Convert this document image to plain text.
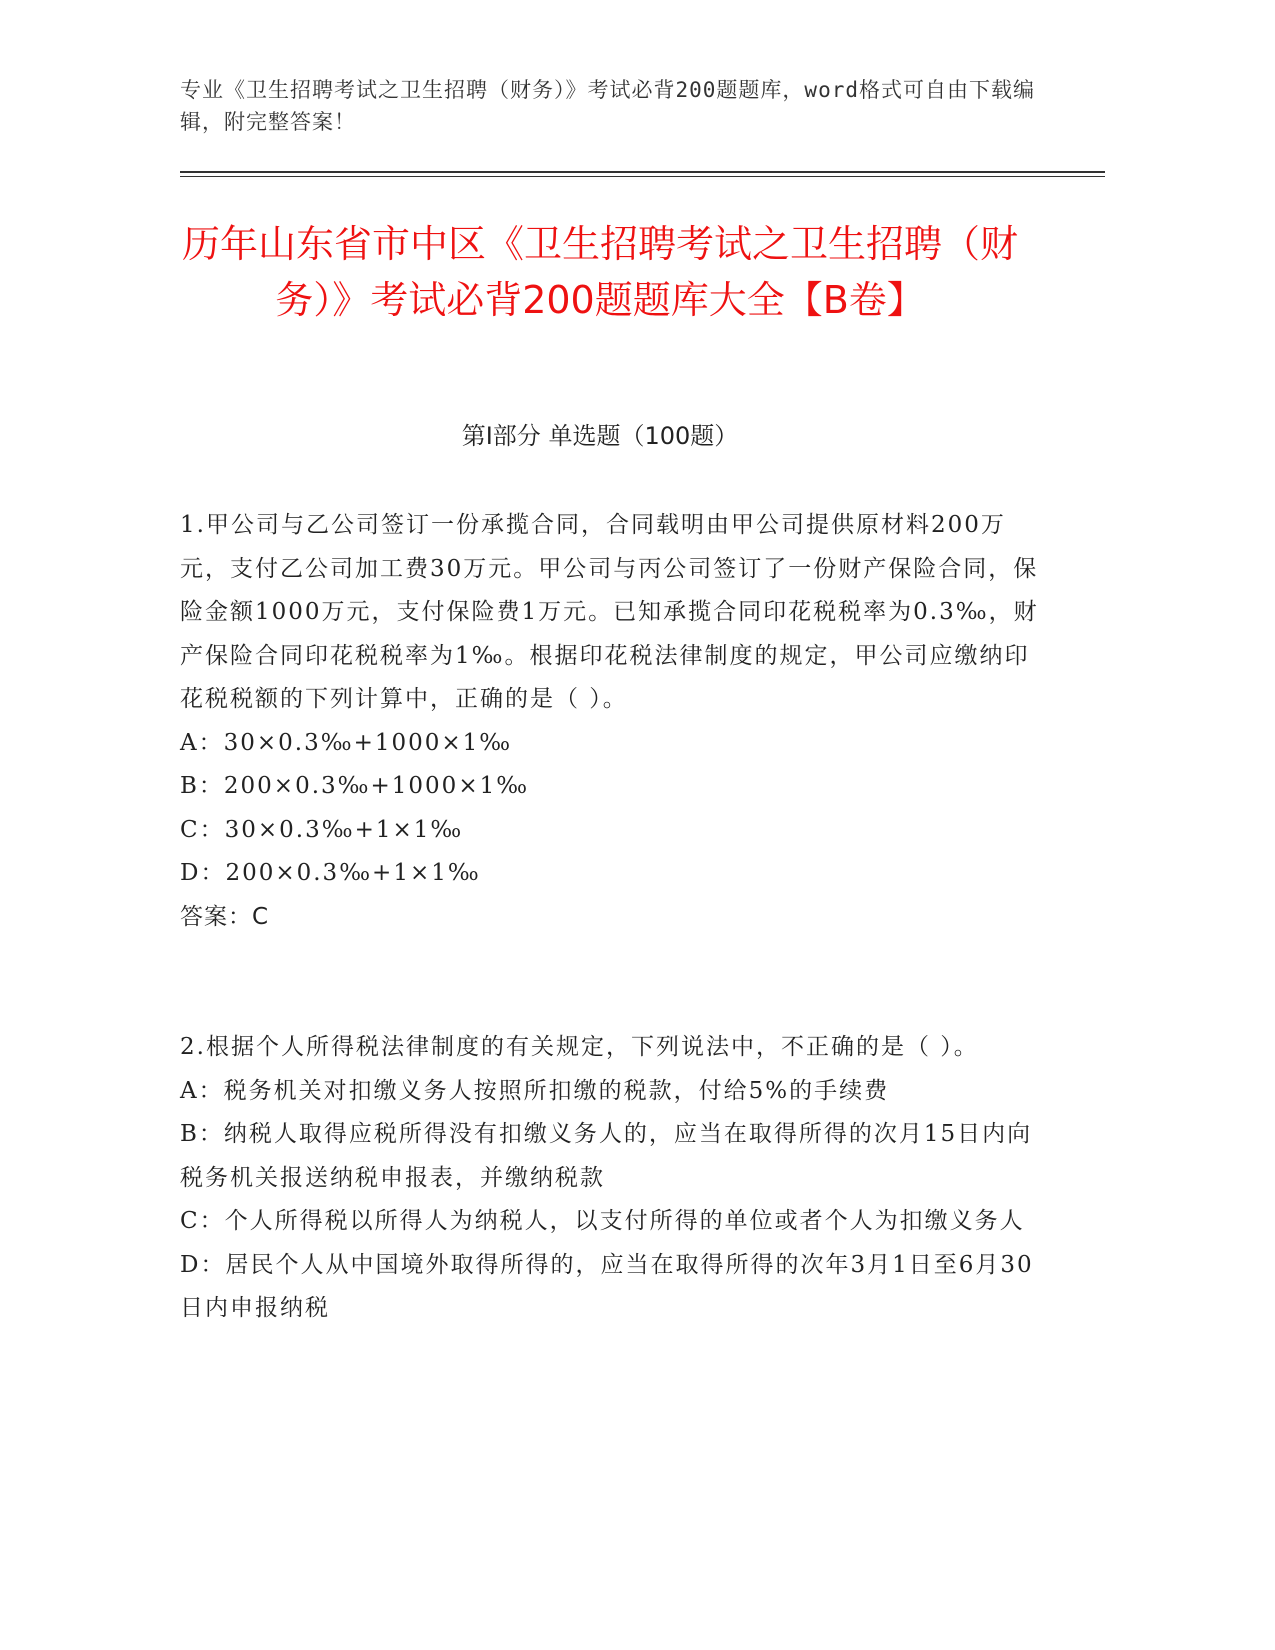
专业《卫生招聘考试之卫生招聘（财务）》考试必背200题题库，word格式可自由下载编辑，附完整答案！
历年山东省市中区《卫生招聘考试之卫生招聘（财务）》考试必背200题题库大全【B卷】
第Ⅰ部分 单选题（100题）
1.甲公司与乙公司签订一份承揽合同，合同载明由甲公司提供原材料200万元，支付乙公司加工费30万元。甲公司与丙公司签订了一份财产保险合同，保险金额1000万元，支付保险费1万元。已知承揽合同印花税税率为0.3‰，财产保险合同印花税税率为1‰。根据印花税法律制度的规定，甲公司应缴纳印花税税额的下列计算中，正确的是（ ）。
A：30×0.3‰+1000×1‰
B：200×0.3‰+1000×1‰
C：30×0.3‰+1×1‰
D：200×0.3‰+1×1‰
答案：C
2.根据个人所得税法律制度的有关规定，下列说法中，不正确的是（ ）。
A：税务机关对扣缴义务人按照所扣缴的税款，付给5%的手续费
B：纳税人取得应税所得没有扣缴义务人的，应当在取得所得的次月15日内向税务机关报送纳税申报表，并缴纳税款
C：个人所得税以所得人为纳税人，以支付所得的单位或者个人为扣缴义务人
D：居民个人从中国境外取得所得的，应当在取得所得的次年3月1日至6月30日内申报纳税
